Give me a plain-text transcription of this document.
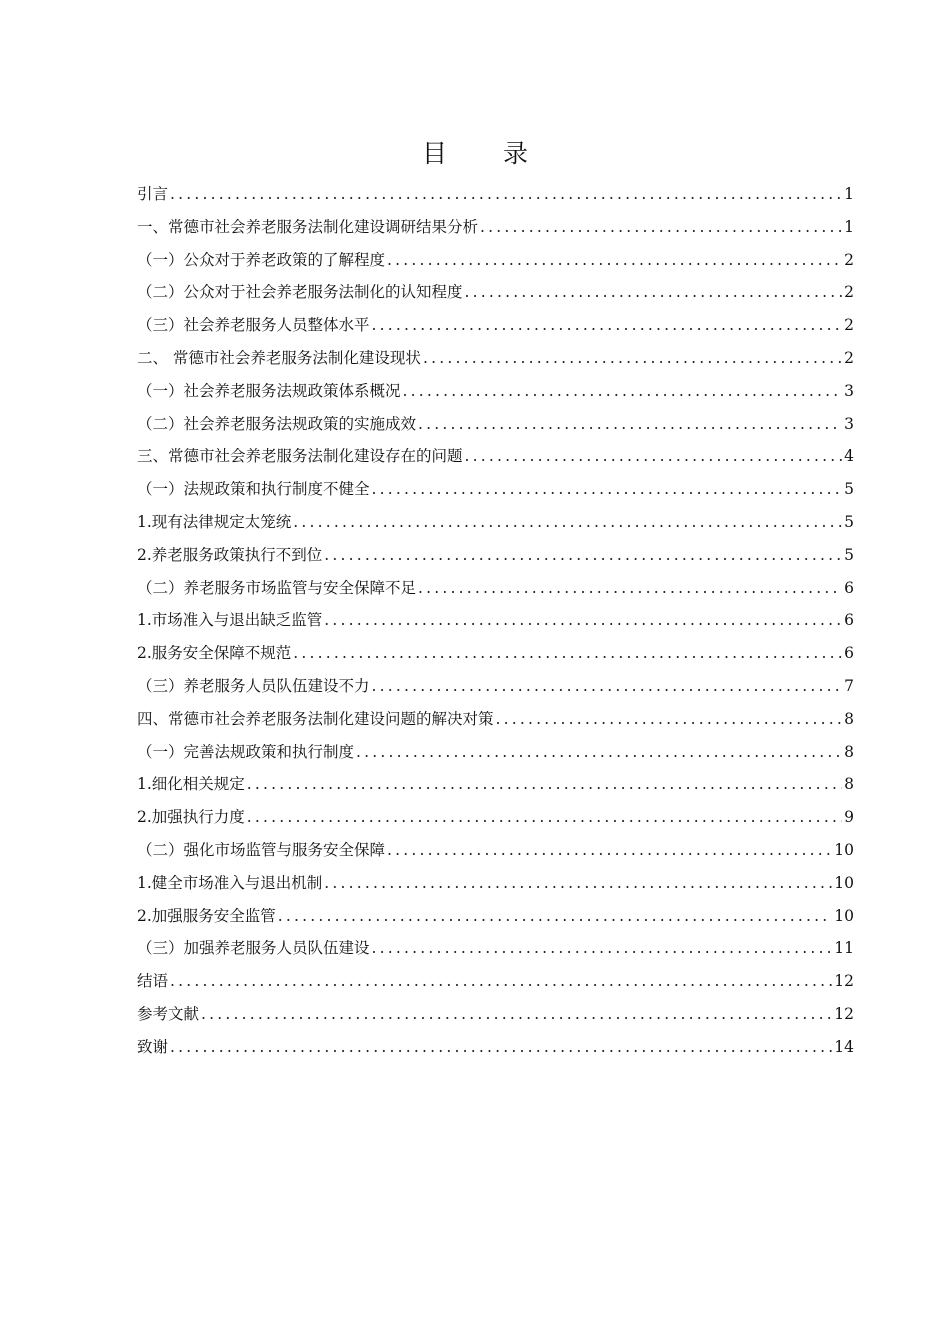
目 录
引言 .....	1
一、常德市社会养老服务法制化建设调研结果分析 .....	1
（一）公众对于养老政策的了解程度 .....	2
（二）公众对于社会养老服务法制化的认知程度 .....	2
（三）社会养老服务人员整体水平 .....	2
二、 常德市社会养老服务法制化建设现状 .....	2
（一）社会养老服务法规政策体系概况 .....	3
（二）社会养老服务法规政策的实施成效 .....	3
三、常德市社会养老服务法制化建设存在的问题 .....	4
（一）法规政策和执行制度不健全 .....	5
1.现有法律规定太笼统 .....	5
2.养老服务政策执行不到位 .....	5
（二）养老服务市场监管与安全保障不足 .....	6
1.市场准入与退出缺乏监管 .....	6
2.服务安全保障不规范 .....	6
（三）养老服务人员队伍建设不力 .....	7
四、常德市社会养老服务法制化建设问题的解决对策 .....	8
（一）完善法规政策和执行制度 .....	8
1.细化相关规定 .....	8
2.加强执行力度 .....	9
（二）强化市场监管与服务安全保障 .....	10
1.健全市场准入与退出机制 .....	10
2.加强服务安全监管 .....	10
（三）加强养老服务人员队伍建设 .....	11
结语 .....	12
参考文献 .....	12
致谢 .....	14
